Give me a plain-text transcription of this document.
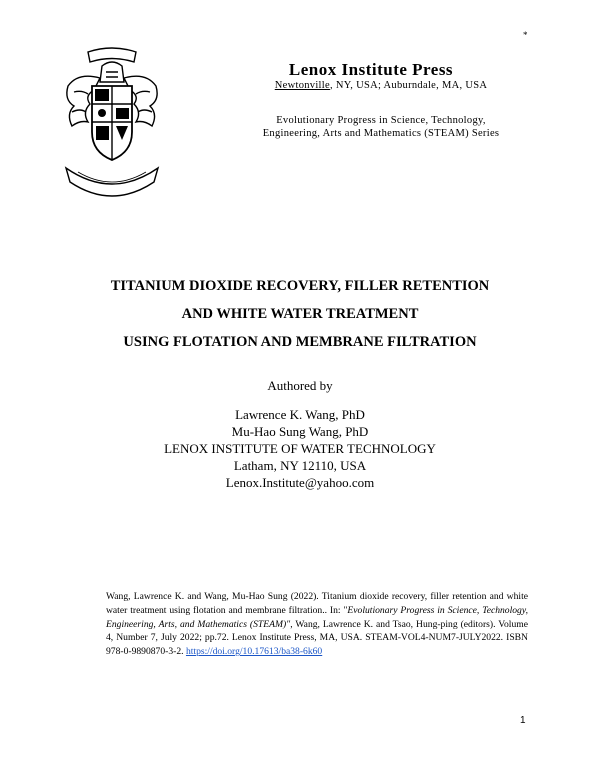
*
Lenox Institute Press
Newtonville, NY, USA; Auburndale, MA, USA
Evolutionary Progress in Science, Technology,
Engineering, Arts and Mathematics (STEAM) Series
TITANIUM DIOXIDE RECOVERY, FILLER RETENTION
AND WHITE WATER TREATMENT
USING FLOTATION AND MEMBRANE FILTRATION
Authored by
Lawrence K. Wang, PhD
Mu-Hao Sung Wang, PhD
LENOX INSTITUTE OF WATER TECHNOLOGY
Latham, NY 12110, USA
Lenox.Institute@yahoo.com
Wang, Lawrence K. and Wang, Mu-Hao Sung (2022). Titanium dioxide recovery, filler retention and white water treatment using flotation and membrane filtration.. In: "Evolutionary Progress in Science, Technology, Engineering, Arts, and Mathematics (STEAM)", Wang, Lawrence K. and Tsao, Hung-ping (editors). Volume 4, Number 7, July 2022; pp.72. Lenox Institute Press, MA, USA. STEAM-VOL4-NUM7-JULY2022. ISBN 978-0-9890870-3-2. https://doi.org/10.17613/ba38-6k60
1
